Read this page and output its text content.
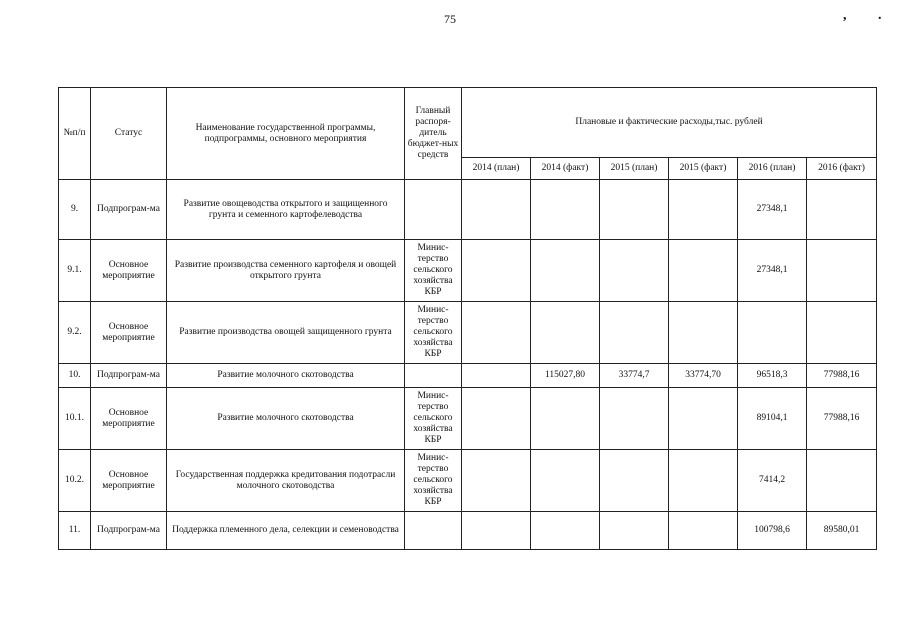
75	, .
№п/п	Статус	Наименование государственной программы, подпрограммы, основного мероприятия	Главный распоря-дитель бюджет-ных средств	Плановые и фактические расходы,тыс. рублей					
				2014 (план)	2014 (факт)	2015 (план)	2015 (факт)	2016 (план)	2016 (факт)
9.	Подпрограм-ма	Развитие овощеводства открытого и защищенного грунта и семенного картофелеводства						27348,1	
9.1.	Основное мероприятие	Развитие производства семенного картофеля и овощей открытого грунта	Минис-терство сельского хозяйства КБР					27348,1	
9.2.	Основное мероприятие	Развитие производства овощей защищенного грунта	Минис-терство сельского хозяйства КБР						
10.	Подпрограм-ма	Развитие молочного скотоводства			115027,80	33774,7	33774,70	96518,3	77988,16
10.1.	Основное мероприятие	Развитие молочного скотоводства	Минис-терство сельского хозяйства КБР					89104,1	77988,16
10.2.	Основное мероприятие	Государственная поддержка кредитования подотрасли молочного скотоводства	Минис-терство сельского хозяйства КБР					7414,2	
11.	Подпрограм-ма	Поддержка племенного дела, селекции и семеноводства						100798,6	89580,01
